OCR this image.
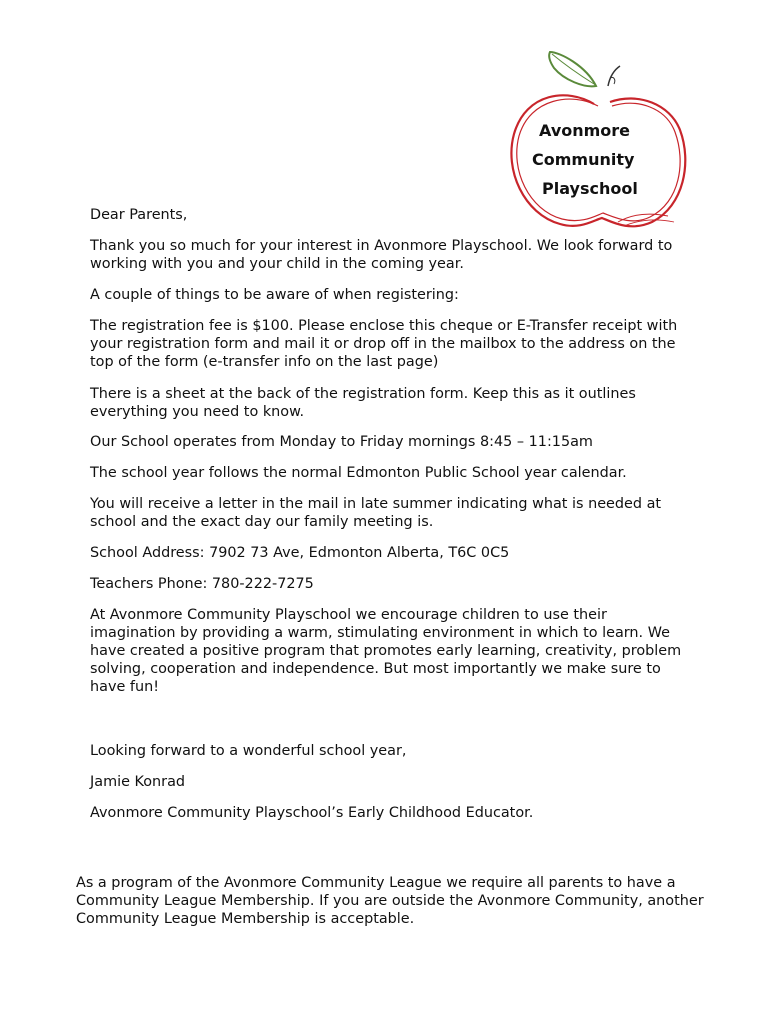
Avonmore
Community
Playschool

Dear Parents,

Thank you so much for your interest in Avonmore Playschool. We look forward to working with you and your child in the coming year.

A couple of things to be aware of when registering:

The registration fee is $100. Please enclose this cheque or E-Transfer receipt with your registration form and mail it or drop off in the mailbox to the address on the top of the form (e-transfer info on the last page)

There is a sheet at the back of the registration form. Keep this as it outlines everything you need to know.

Our School operates from Monday to Friday mornings 8:45 – 11:15am

The school year follows the normal Edmonton Public School year calendar.

You will receive a letter in the mail in late summer indicating what is needed at school and the exact day our family meeting is.

School Address: 7902 73 Ave, Edmonton Alberta, T6C 0C5

Teachers Phone: 780-222-7275

At Avonmore Community Playschool we encourage children to use their imagination by providing a warm, stimulating environment in which to learn. We have created a positive program that promotes early learning, creativity, problem solving, cooperation and independence. But most importantly we make sure to have fun!

Looking forward to a wonderful school year,

Jamie Konrad

Avonmore Community Playschool’s Early Childhood Educator.

As a program of the Avonmore Community League we require all parents to have a Community League Membership. If you are outside the Avonmore Community, another Community League Membership is acceptable.
